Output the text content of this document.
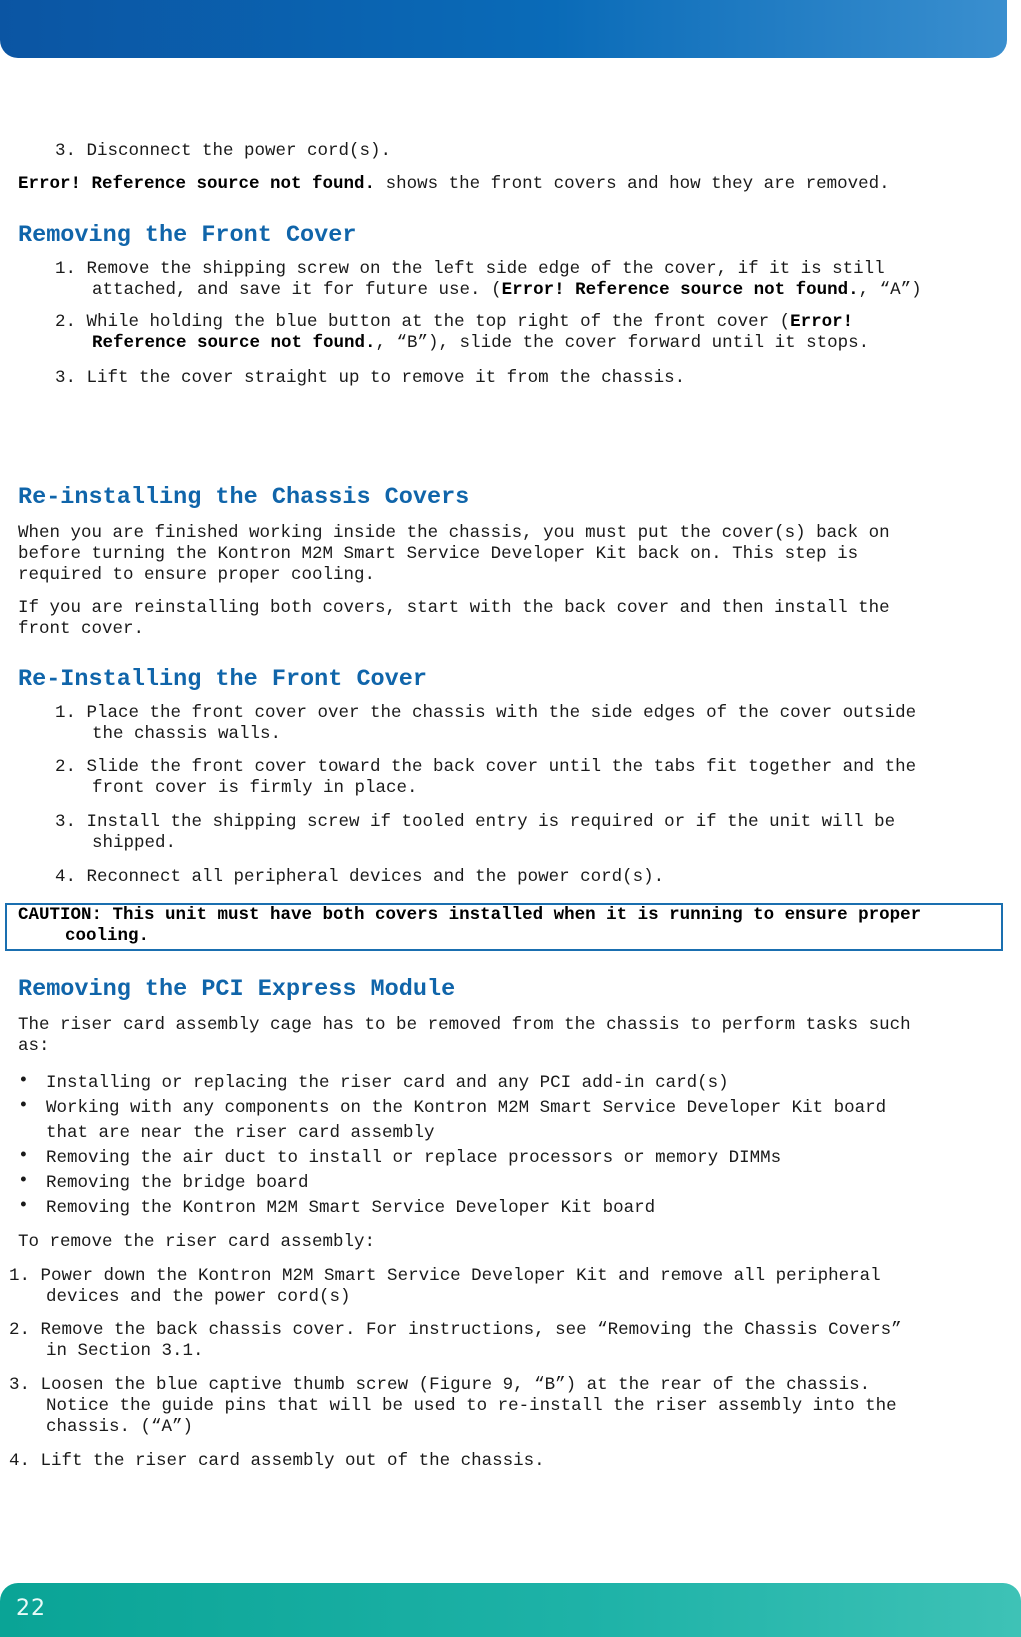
3. Disconnect the power cord(s).
Error! Reference source not found. shows the front covers and how they are removed.
Removing the Front Cover
1. Remove the shipping screw on the left side edge of the cover, if it is still
attached, and save it for future use. (Error! Reference source not found., “A”)
2. While holding the blue button at the top right of the front cover (Error!
Reference source not found., “B”), slide the cover forward until it stops.
3. Lift the cover straight up to remove it from the chassis.
Re-installing the Chassis Covers
When you are finished working inside the chassis, you must put the cover(s) back on
before turning the Kontron M2M Smart Service Developer Kit back on. This step is
required to ensure proper cooling.
If you are reinstalling both covers, start with the back cover and then install the
front cover.
Re-Installing the Front Cover
1. Place the front cover over the chassis with the side edges of the cover outside
the chassis walls.
2. Slide the front cover toward the back cover until the tabs fit together and the
front cover is firmly in place.
3. Install the shipping screw if tooled entry is required or if the unit will be
shipped.
4. Reconnect all peripheral devices and the power cord(s).
CAUTION: This unit must have both covers installed when it is running to ensure proper
cooling.
Removing the PCI Express Module
The riser card assembly cage has to be removed from the chassis to perform tasks such
as:
• Installing or replacing the riser card and any PCI add-in card(s)
• Working with any components on the Kontron M2M Smart Service Developer Kit board
that are near the riser card assembly
• Removing the air duct to install or replace processors or memory DIMMs
• Removing the bridge board
• Removing the Kontron M2M Smart Service Developer Kit board
To remove the riser card assembly:
1. Power down the Kontron M2M Smart Service Developer Kit and remove all peripheral
devices and the power cord(s)
2. Remove the back chassis cover. For instructions, see “Removing the Chassis Covers”
in Section 3.1.
3. Loosen the blue captive thumb screw (Figure 9, “B”) at the rear of the chassis.
Notice the guide pins that will be used to re-install the riser assembly into the
chassis. (“A”)
4. Lift the riser card assembly out of the chassis.
22
